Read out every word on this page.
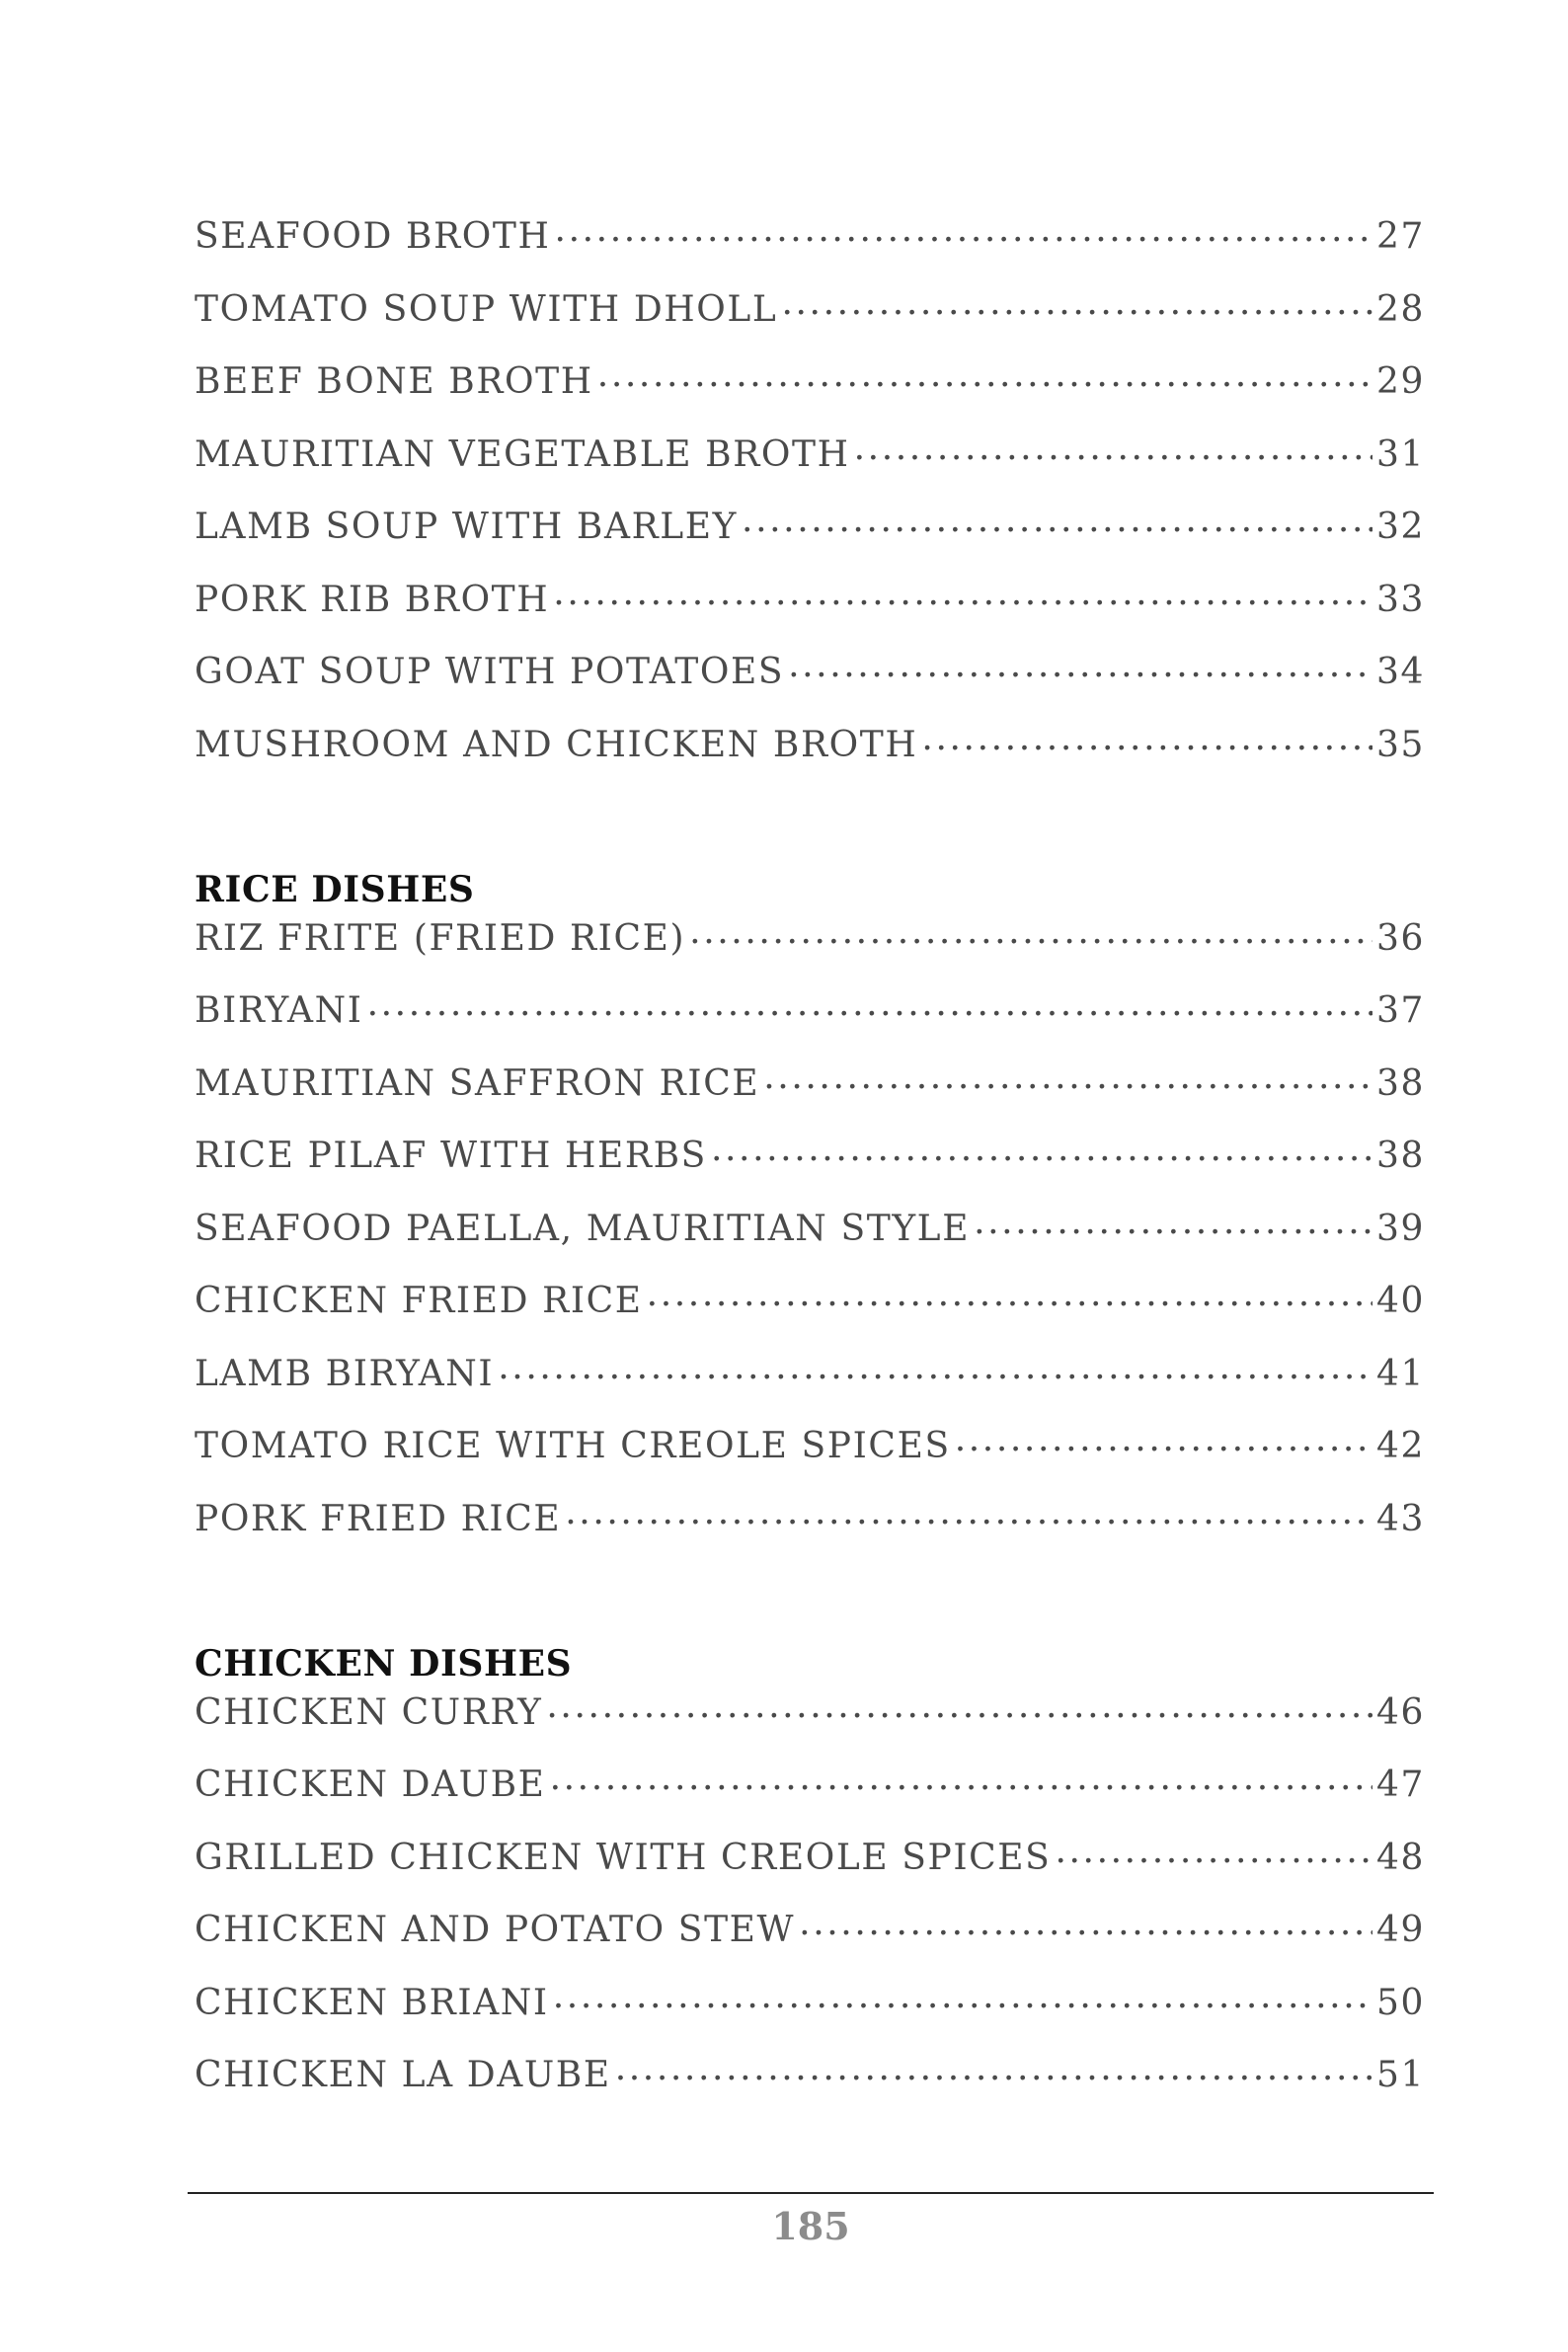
SEAFOOD BROTH .....	27
TOMATO SOUP WITH DHOLL .....	28
BEEF BONE BROTH .....	29
MAURITIAN VEGETABLE BROTH .....	31
LAMB SOUP WITH BARLEY .....	32
PORK RIB BROTH .....	33
GOAT SOUP WITH POTATOES .....	34
MUSHROOM AND CHICKEN BROTH .....	35
RICE DISHES
RIZ FRITE (FRIED RICE) .....	36
BIRYANI .....	37
MAURITIAN SAFFRON RICE .....	38
RICE PILAF WITH HERBS .....	38
SEAFOOD PAELLA, MAURITIAN STYLE .....	39
CHICKEN FRIED RICE .....	40
LAMB BIRYANI .....	41
TOMATO RICE WITH CREOLE SPICES .....	42
PORK FRIED RICE .....	43
CHICKEN DISHES
CHICKEN CURRY .....	46
CHICKEN DAUBE .....	47
GRILLED CHICKEN WITH CREOLE SPICES .....	48
CHICKEN AND POTATO STEW .....	49
CHICKEN BRIANI .....	50
CHICKEN LA DAUBE .....	51
185
